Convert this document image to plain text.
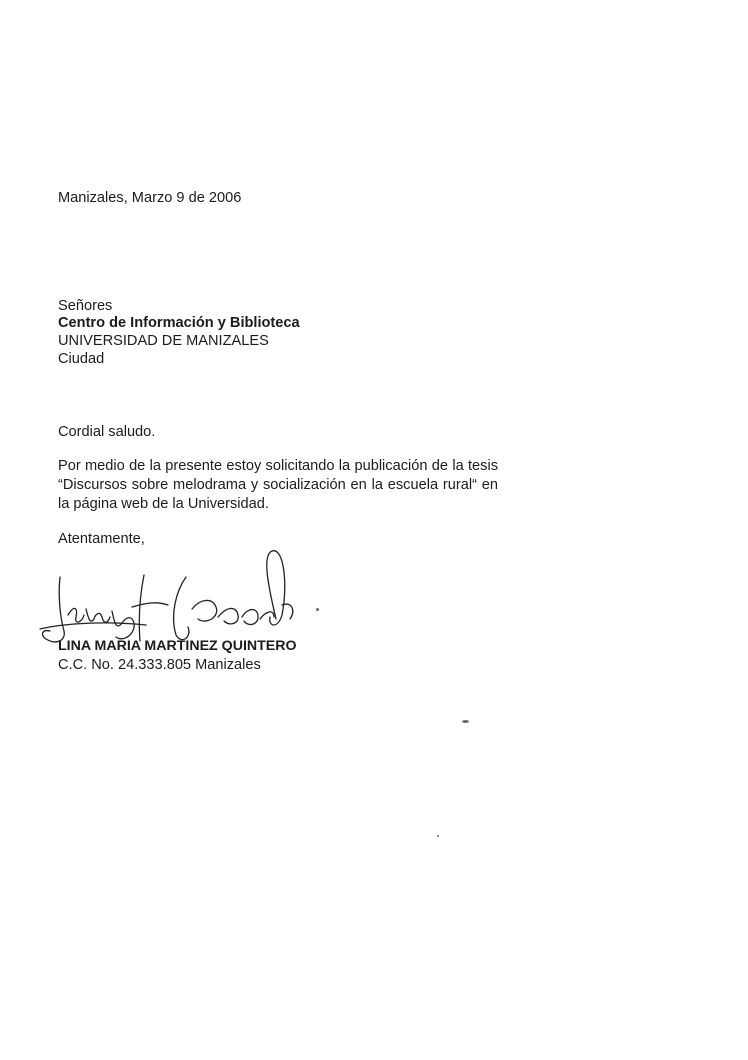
Manizales, Marzo 9 de 2006
Señores
Centro de Información y Biblioteca
UNIVERSIDAD DE MANIZALES
Ciudad
Cordial saludo.
Por medio de la presente estoy solicitando la publicación de la tesis “Discursos sobre melodrama y socialización en la escuela rural“ en la página web de la Universidad.
Atentamente,
LINA MARIA MARTINEZ QUINTERO
C.C. No. 24.333.805 Manizales
